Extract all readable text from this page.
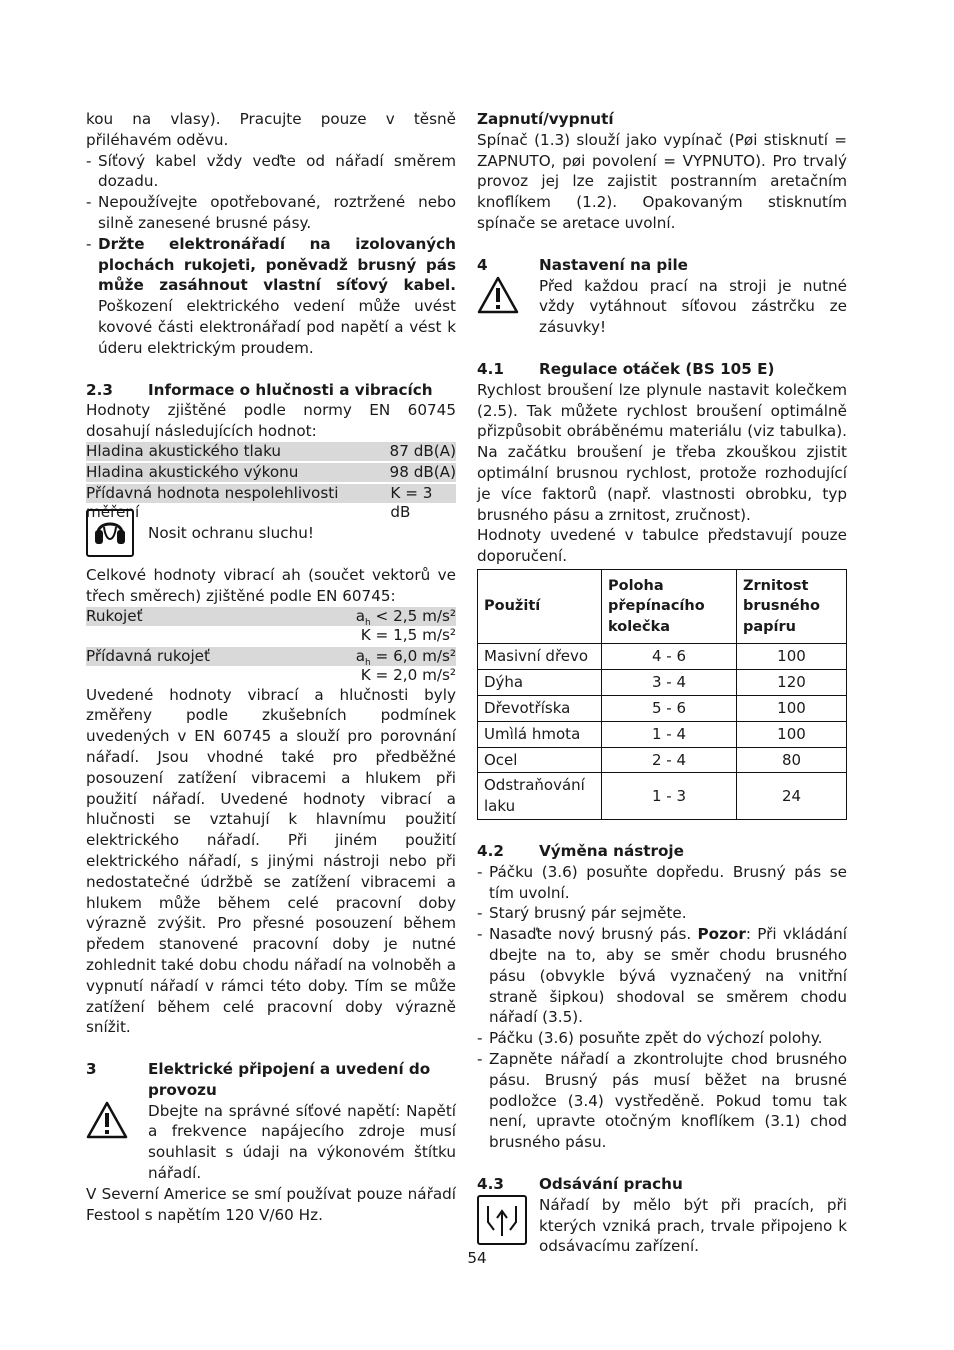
kou na vlasy). Pracujte pouze v těsně přiléhavém oděvu.

- Síťový kabel vždy veďte od nářadí směrem dozadu.
- Nepoužívejte opotřebované, roztržené nebo silně zanesené brusné pásy.
- Držte elektronářadí na izolovaných plochách rukojeti, poněvadž brusný pás může zasáhnout vlastní síťový kabel. Poškození elektrického vedení může uvést kovové části elektronářadí pod napětí a vést k úderu elektrickým proudem.
2.3	Informace o hlučnosti a vibracích

Hodnoty zjištěné podle normy EN 60745 dosahují následujících hodnot:

Hladina akustického tlaku	87 dB(A)
Hladina akustického výkonu	98 dB(A)
Přídavná hodnota nespolehlivosti měření
K = 3 dB
Nosit ochranu sluchu!

Celkové hodnoty vibrací ah (součet vektorů ve třech směrech) zjištěné podle EN 60745:

Rukojeť	$a_h < 2,5$ m/s²
K = 1,5 m/s²
Přídavná rukojeť	$a_h = 6,0$ m/s²
K = 2,0 m/s²

Uvedené hodnoty vibrací a hlučnosti byly změřeny podle zkušebních podmínek uvedených v EN 60745 a slouží pro porovnání nářadí. Jsou vhodné také pro předběžné posouzení zatížení vibracemi a hlukem při použití nářadí. Uvedené hodnoty vibrací a hlučnosti se vztahují k hlavnímu použití elektrického nářadí. Při jiném použití elektrického nářadí, s jinými nástroji nebo při nedostatečné údržbě se zatížení vibracemi a hlukem může během celé pracovní doby výrazně zvýšit. Pro přesné posouzení během předem stanovené pracovní doby je nutné zohlednit také dobu chodu nářadí na volnoběh a vypnutí nářadí v rámci této doby. Tím se může zatížení během celé pracovní doby výrazně snížit.

3	Elektrické připojení a uvedení do provozu

Dbejte na správné síťové napětí: Napětí a frekvence napájecího zdroje musí souhlasit s údaji na výkonovém štítku nářadí.

V Severní Americe se smí používat pouze nářadí Festool s napětím 120 V/60 Hz.

Zapnutí/vypnutí

Spínač (1.3) slouží jako vypínač (Pøi stisknutí = ZAPNUTO, pøi povolení = VYPNUTO). Pro trvalý provoz jej lze zajistit postranním aretačním knoflíkem (1.2). Opakovaným stisknutím spínače se aretace uvolní.

4	Nastavení na pile

Před každou prací na stroji je nutné vždy vytáhnout síťovou zástrčku ze zásuvky!

4.1	Regulace otáček (BS 105 E)

Rychlost broušení lze plynule nastavit kolečkem (2.5). Tak můžete rychlost broušení optimálně přizpůsobit obráběnému materiálu (viz tabulka). Na začátku broušení je třeba zkouškou zjistit optimální brusnou rychlost, protože rozhodující je více faktorů (např. vlastnosti obrobku, typ brusného pásu a zrnitost, zručnost).

Hodnoty uvedené v tabulce představují pouze doporučení.

Použití	Poloha přepínacího kolečka	Zrnitost brusného papíru
Masivní dřevo	4 - 6	100
Dýha	3 - 4	120
Dřevotříska	5 - 6	100
Umìlá hmota	1 - 4	100
Ocel	2 - 4	80
Odstraňování laku	1 - 3	24
4.2	Výměna nástroje
- Páčku (3.6) posuňte dopředu. Brusný pás se tím uvolní.
- Starý brusný pár sejměte.
- Nasaďte nový brusný pás. Pozor: Při vkládání dbejte na to, aby se směr chodu brusného pásu (obvykle bývá vyznačený na vnitřní straně šipkou) shodoval se směrem chodu nářadí (3.5).
- Páčku (3.6) posuňte zpět do výchozí polohy.
- Zapněte nářadí a zkontrolujte chod brusného pásu. Brusný pás musí běžet na brusné podložce (3.4) vystředěně. Pokud tomu tak není, upravte otočným knoflíkem (3.1) chod brusného pásu.
4.3	Odsávání prachu

Nářadí by mělo být při pracích, při kterých vzniká prach, trvale připojeno k odsávacímu zařízení.

54
